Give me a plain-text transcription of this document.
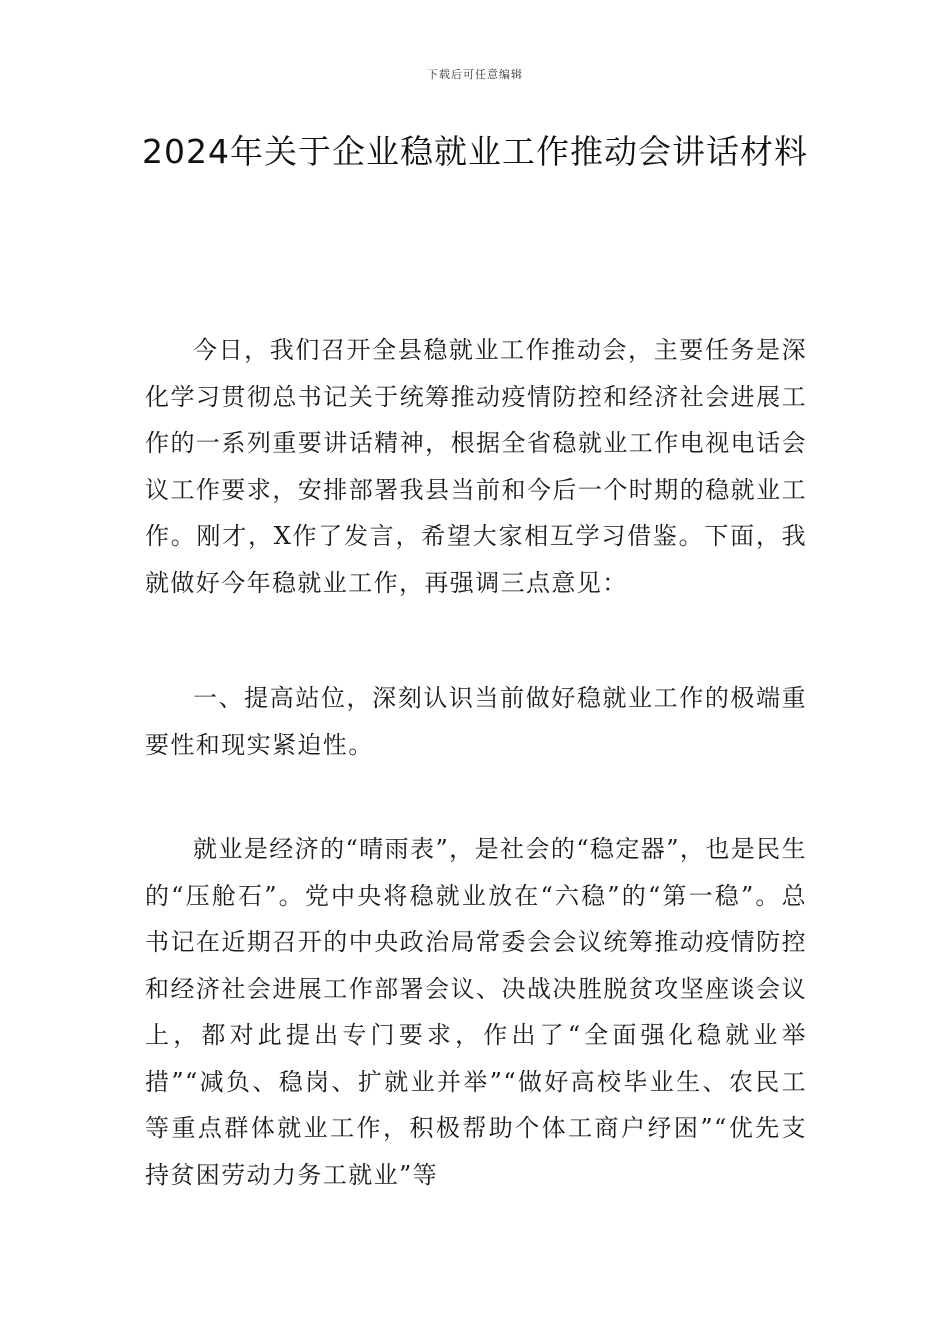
下载后可任意编辑
2024年关于企业稳就业工作推动会讲话材料

今日，我们召开全县稳就业工作推动会，主要任务是深化学习贯彻总书记关于统筹推动疫情防控和经济社会进展工作的一系列重要讲话精神，根据全省稳就业工作电视电话会议工作要求，安排部署我县当前和今后一个时期的稳就业工作。刚才，X作了发言，希望大家相互学习借鉴。下面，我就做好今年稳就业工作，再强调三点意见：

一、提高站位，深刻认识当前做好稳就业工作的极端重要性和现实紧迫性。

就业是经济的“晴雨表”，是社会的“稳定器”，也是民生的“压舱石”。党中央将稳就业放在“六稳”的“第一稳”。总书记在近期召开的中央政治局常委会会议统筹推动疫情防控和经济社会进展工作部署会议、决战决胜脱贫攻坚座谈会议上，都对此提出专门要求，作出了“全面强化稳就业举措”“减负、稳岗、扩就业并举”“做好高校毕业生、农民工等重点群体就业工作，积极帮助个体工商户纾困”“优先支持贫困劳动力务工就业”等
